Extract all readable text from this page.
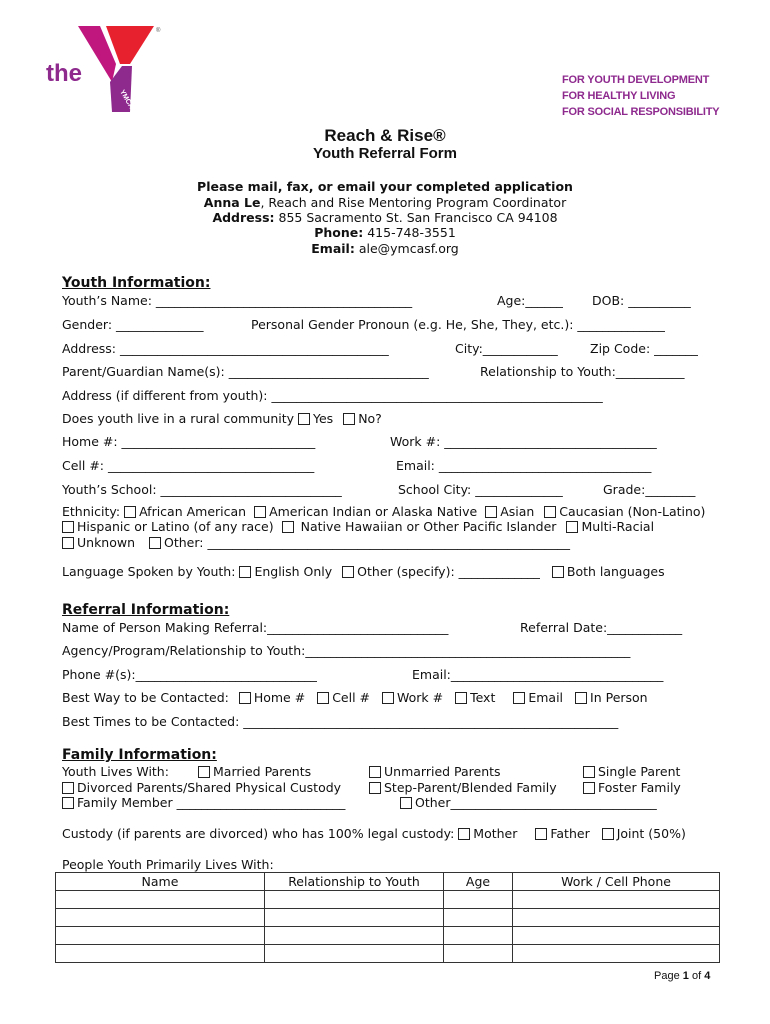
®
the
YMCA
FOR YOUTH DEVELOPMENT
FOR HEALTHY LIVING
FOR SOCIAL RESPONSIBILITY
Reach & Rise®
Youth Referral Form
Please mail, fax, or email your completed application
Anna Le, Reach and Rise Mentoring Program Coordinator
Address: 855 Sacramento St. San Francisco CA 94108
Phone: 415-748-3551
Email: ale@ymcasf.org
Youth Information:
Youth’s Name: _________________________________________	Age:______ DOB: __________
Gender: ______________	Personal Gender Pronoun (e.g. He, She, They, etc.): ______________
Address: ___________________________________________	City:____________	Zip Code: _______
Parent/Guardian Name(s): ________________________________	Relationship to Youth:___________
Address (if different from youth): _____________________________________________________
Does youth live in a rural community Yes No?
Home #: _______________________________	Work #: __________________________________
Cell #: _________________________________	Email: __________________________________
Youth’s School: _____________________________	School City: ______________	Grade:________
Ethnicity: African American American Indian or Alaska Native Asian Caucasian (Non-Latino)
Hispanic or Latino (of any race) Native Hawaiian or Other Pacific Islander Multi-Racial
Unknown Other: __________________________________________________________
Language Spoken by Youth: English Only Other (specify): _____________ Both languages
Referral Information:
Name of Person Making Referral:_____________________________	Referral Date:____________
Agency/Program/Relationship to Youth:____________________________________________________
Phone #(s):_____________________________	Email:__________________________________
Best Way to be Contacted: Home # Cell # Work # Text	Email In Person
Best Times to be Contacted: ____________________________________________________________
Family Information:
Youth Lives With:	Married Parents	Unmarried Parents	Single Parent
Divorced Parents/Shared Physical Custody	Step-Parent/Blended Family	Foster Family
Family Member ___________________________	Other_________________________________
Custody (if parents are divorced) who has 100% legal custody: Mother	Father Joint (50%)
People Youth Primarily Lives With:
Name	Relationship to Youth	Age	Work / Cell Phone

Page 1 of 4
